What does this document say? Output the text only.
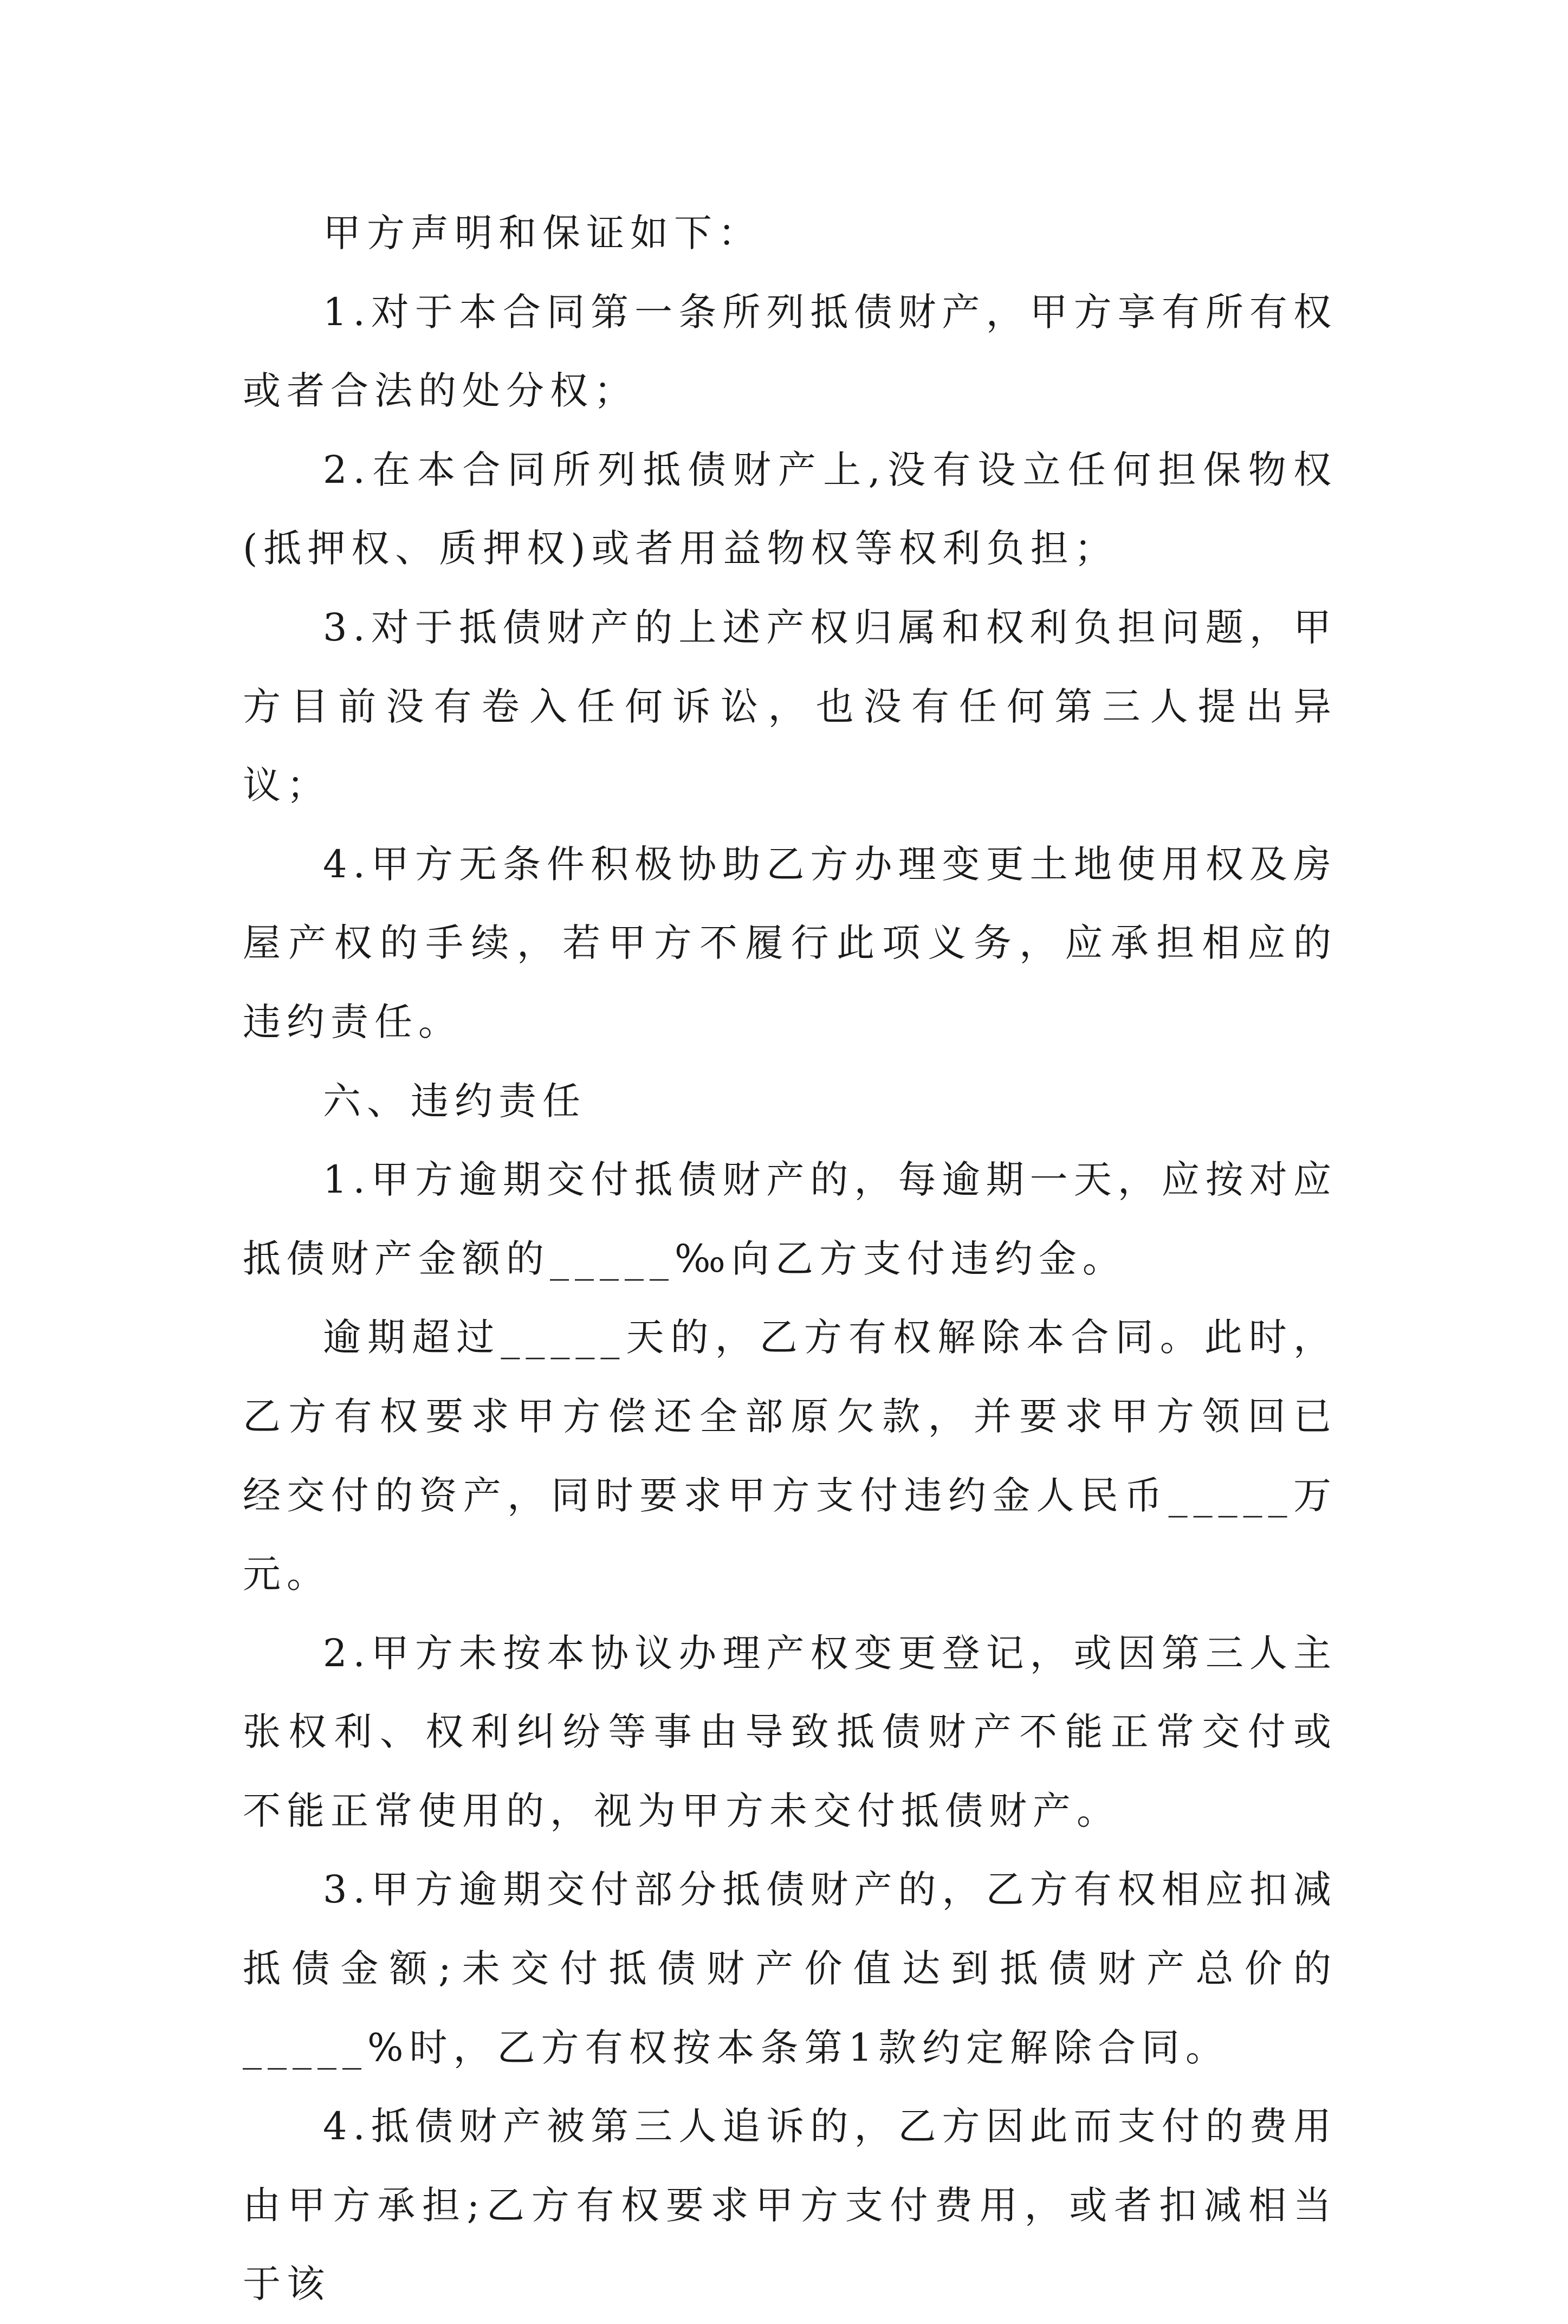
甲方声明和保证如下：

1.对于本合同第一条所列抵债财产，甲方享有所有权或者合法的处分权；

2.在本合同所列抵债财产上,没有设立任何担保物权(抵押权、质押权)或者用益物权等权利负担；

3.对于抵债财产的上述产权归属和权利负担问题，甲方目前没有卷入任何诉讼，也没有任何第三人提出异议；

4.甲方无条件积极协助乙方办理变更土地使用权及房屋产权的手续，若甲方不履行此项义务，应承担相应的违约责任。

六、违约责任

1.甲方逾期交付抵债财产的，每逾期一天，应按对应抵债财产金额的_____‰向乙方支付违约金。

逾期超过_____天的，乙方有权解除本合同。此时，乙方有权要求甲方偿还全部原欠款，并要求甲方领回已经交付的资产，同时要求甲方支付违约金人民币_____万元。

2.甲方未按本协议办理产权变更登记，或因第三人主张权利、权利纠纷等事由导致抵债财产不能正常交付或不能正常使用的，视为甲方未交付抵债财产。

3.甲方逾期交付部分抵债财产的，乙方有权相应扣减抵债金额;未交付抵债财产价值达到抵债财产总价的_____%时，乙方有权按本条第1款约定解除合同。

4.抵债财产被第三人追诉的，乙方因此而支付的费用由甲方承担;乙方有权要求甲方支付费用，或者扣减相当于该
